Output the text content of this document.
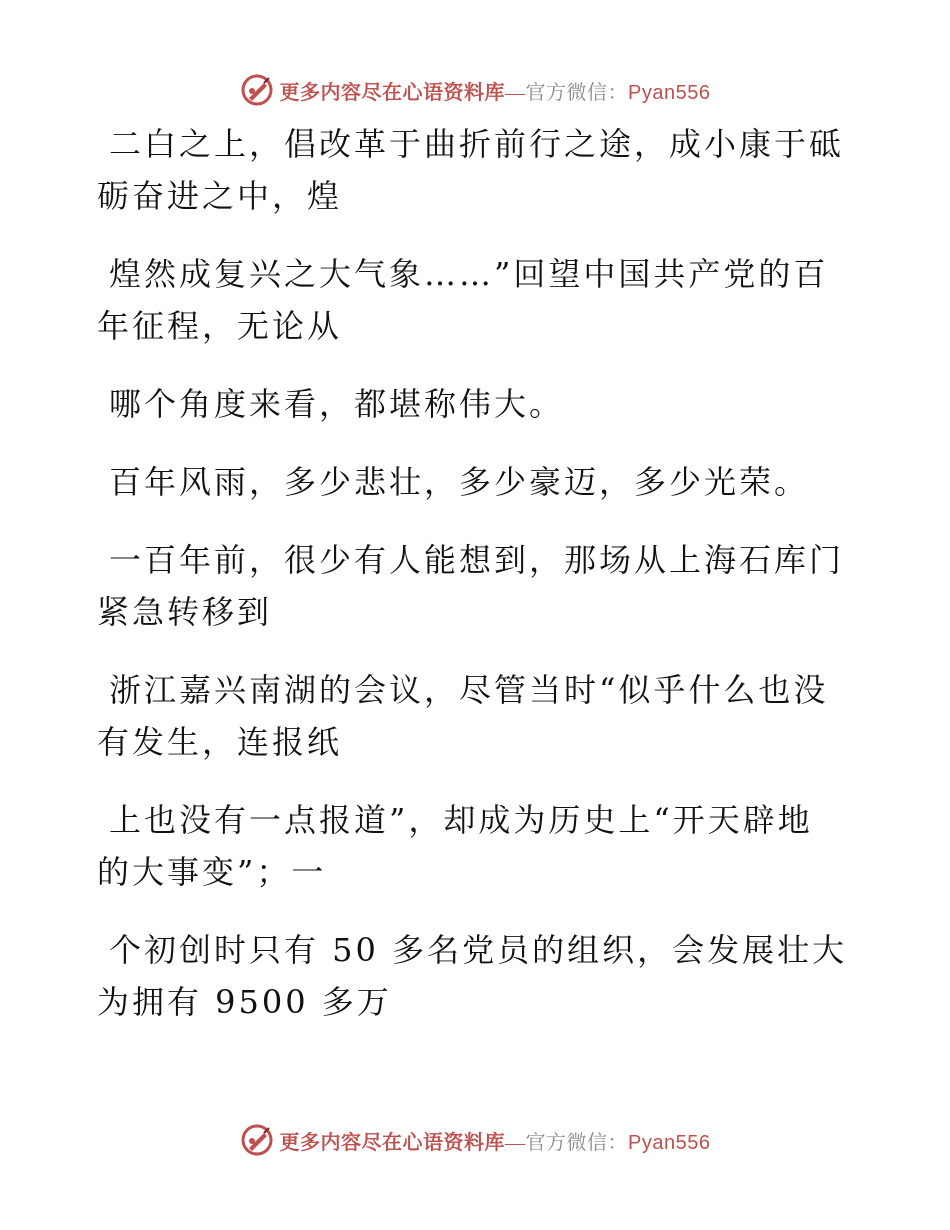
更多内容尽在心语资料库—官方微信：Pyan556

二白之上，倡改革于曲折前行之途，成小康于砥
砺奋进之中，煌

煌然成复兴之大气象……”回望中国共产党的百
年征程，无论从

哪个角度来看，都堪称伟大。

百年风雨，多少悲壮，多少豪迈，多少光荣。

一百年前，很少有人能想到，那场从上海石库门
紧急转移到

浙江嘉兴南湖的会议，尽管当时“似乎什么也没
有发生，连报纸

上也没有一点报道”，却成为历史上“开天辟地
的大事变”；一

个初创时只有 50 多名党员的组织，会发展壮大
为拥有 9500 多万

更多内容尽在心语资料库—官方微信：Pyan556
